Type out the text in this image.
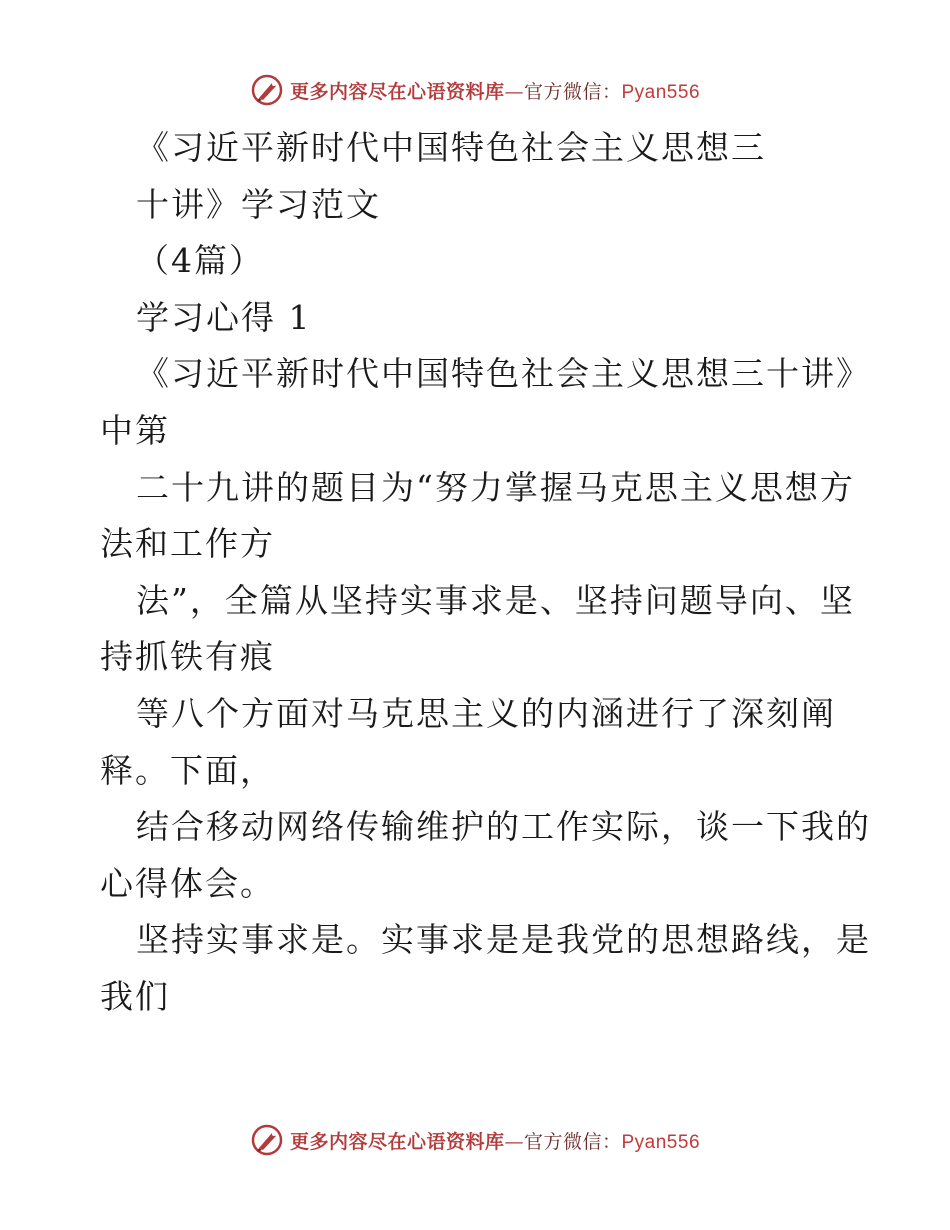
更多内容尽在心语资料库—官方微信：Pyan556
《习近平新时代中国特色社会主义思想三
十讲》学习范文
（4篇）
学习心得 1
《习近平新时代中国特色社会主义思想三十讲》
中第
二十九讲的题目为“努力掌握马克思主义思想方
法和工作方
法”，全篇从坚持实事求是、坚持问题导向、坚
持抓铁有痕
等八个方面对马克思主义的内涵进行了深刻阐
释。下面，
结合移动网络传输维护的工作实际，谈一下我的
心得体会。
坚持实事求是。实事求是是我党的思想路线，是
我们
更多内容尽在心语资料库—官方微信：Pyan556
